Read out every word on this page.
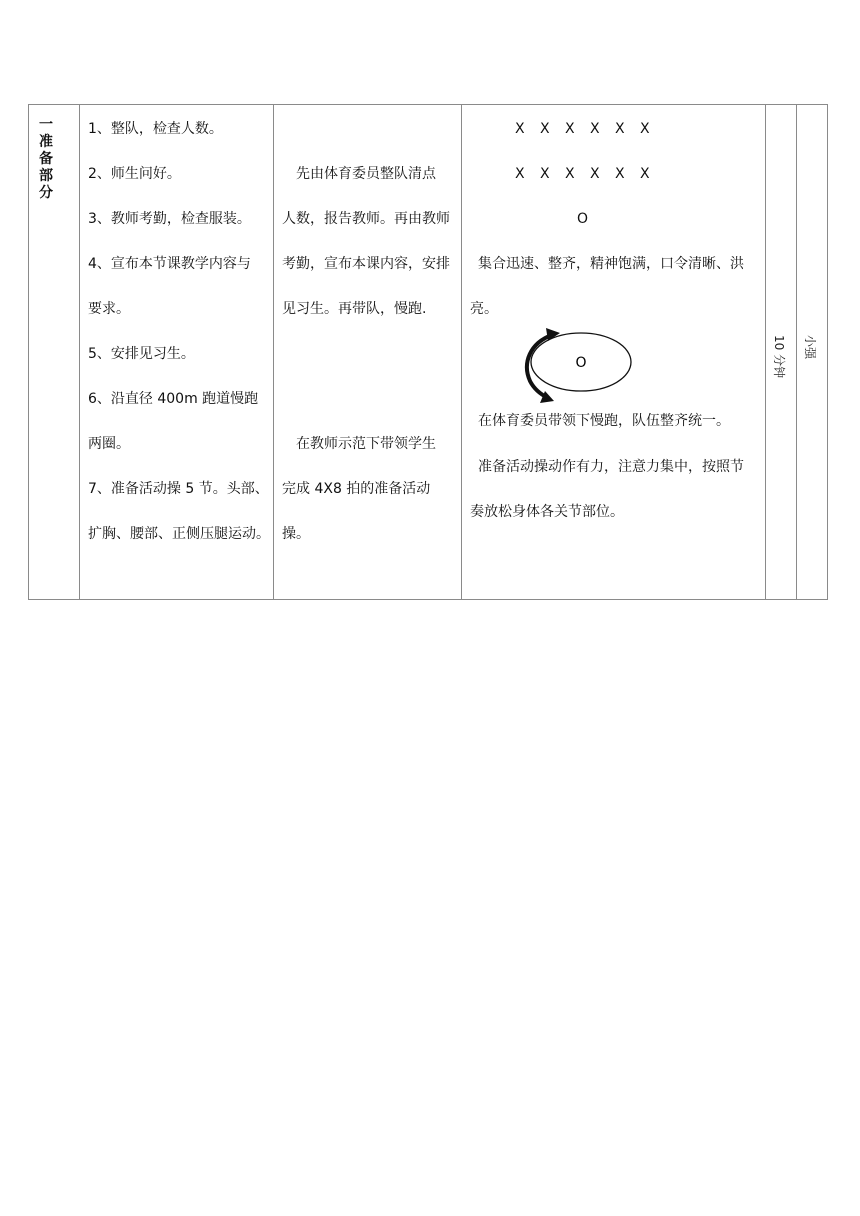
一
准
备
部
分

1、整队，检查人数。
2、师生问好。
3、教师考勤，检查服装。
4、宣布本节课教学内容与
要求。
5、安排见习生。
6、沿直径 400m 跑道慢跑
两圈。
7、准备活动操 5 节。头部、
扩胸、腰部、正侧压腿运动。

先由体育委员整队清点
人数，报告教师。再由教师
考勤，宣布本课内容，安排
见习生。再带队，慢跑.
在教师示范下带领学生
完成 4X8 拍的准备活动
操。

X X X X X X
X X X X X X
O
集合迅速、整齐，精神饱满，口令清晰、洪
亮。
O
在体育委员带领下慢跑，队伍整齐统一。
准备活动操动作有力，注意力集中，按照节
奏放松身体各关节部位。

10 分钟	小强
